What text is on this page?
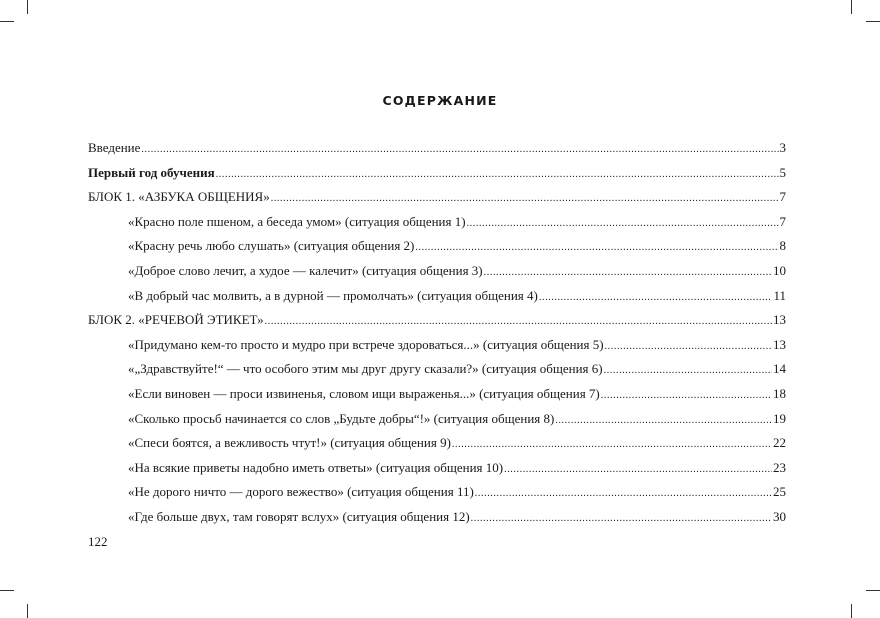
СОДЕРЖАНИЕ
Введение .....	3
Первый год обучения .....	5
БЛОК 1. «АЗБУКА ОБЩЕНИЯ» .....	7
«Красно поле пшеном, а беседа умом» (ситуация общения 1) .....	7
«Красну речь любо слушать» (ситуация общения 2) .....	8
«Доброе слово лечит, а худое — калечит» (ситуация общения 3) .....	10
«В добрый час молвить, а в дурной — промолчать» (ситуация общения 4) .....	11
БЛОК 2. «РЕЧЕВОЙ ЭТИКЕТ» .....	13
«Придумано кем-то просто и мудро при встрече здороваться...» (ситуация общения 5) .....	13
«„Здравствуйте!“ — что особого этим мы друг другу сказали?» (ситуация общения 6) .....	14
«Если виновен — проси извиненья, словом ищи выраженья...» (ситуация общения 7) .....	18
«Сколько просьб начинается со слов „Будьте добры“!» (ситуация общения 8) .....	19
«Спеси боятся, а вежливость чтут!» (ситуация общения 9) .....	22
«На всякие приветы надобно иметь ответы» (ситуация общения 10) .....	23
«Не дорого ничто — дорого вежество» (ситуация общения 11) .....	25
«Где больше двух, там говорят вслух» (ситуация общения 12) .....	30
122
